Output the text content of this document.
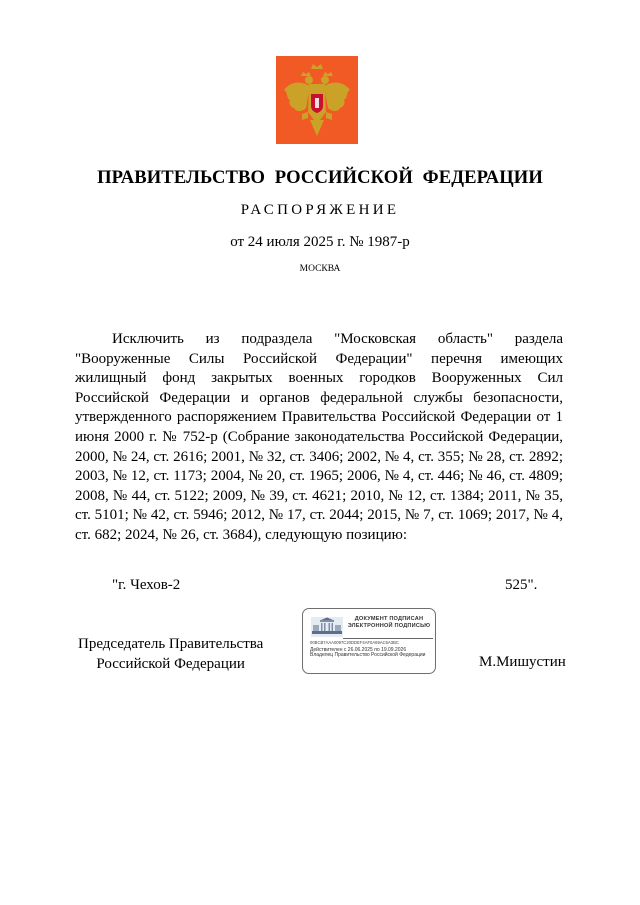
ПРАВИТЕЛЬСТВО РОССИЙСКОЙ ФЕДЕРАЦИИ
РАСПОРЯЖЕНИЕ
от 24 июля 2025 г. № 1987-р
МОСКВА
Исключить из подраздела "Московская область" раздела "Вооруженные Силы Российской Федерации" перечня имеющих жилищный фонд закрытых военных городков Вооруженных Сил Российской Федерации и органов федеральной службы безопасности, утвержденного распоряжением Правительства Российской Федерации от 1 июня 2000 г. № 752-р (Собрание законодательства Российской Федерации, 2000, № 24, ст. 2616; 2001, № 32, ст. 3406; 2002, № 4, ст. 355; № 28, ст. 2892; 2003, № 12, ст. 1173; 2004, № 20, ст. 1965; 2006, № 4, ст. 446; № 46, ст. 4809; 2008, № 44, ст. 5122; 2009, № 39, ст. 4621; 2010, № 12, ст. 1384; 2011, № 35, ст. 5101; № 42, ст. 5946; 2012, № 17, ст. 2044; 2015, № 7, ст. 1069; 2017, № 4, ст. 682; 2024, № 26, ст. 3684), следующую позицию:
"г. Чехов-2	525".
Председатель Правительства
Российской Федерации	М.Мишустин
ДОКУМЕНТ ПОДПИСАН
ЭЛЕКТРОННОЙ ПОДПИСЬЮ
00BCB7AAA0097C20DDEF4AF0A69AC6A3BC
Действителен с 26.06.2025 по 19.09.2026
Владелец Правительство Российской Федерации
